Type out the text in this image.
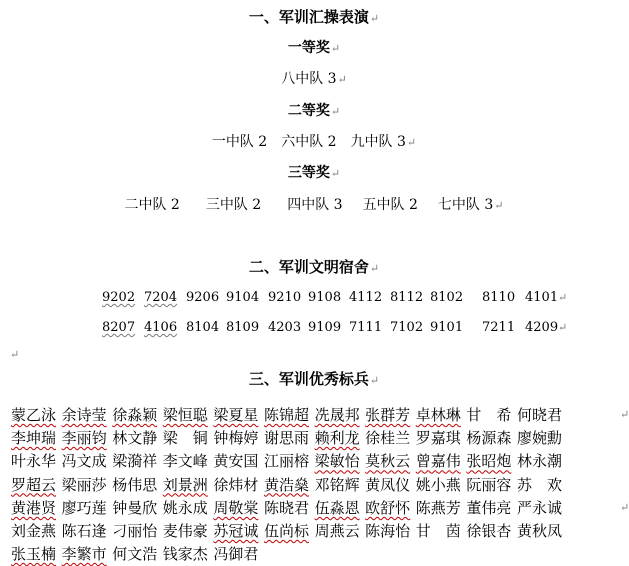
一、军训汇操表演↵
一等奖↵
八中队 3↵
二等奖↵
一中队 2 六中队 2 九中队 3↵
三等奖↵
二中队 2 三中队 2 四中队 3 五中队 2 七中队 3↵
二、军训文明宿舍↵
9202 7204 9206 9104 9210 9108 4112 8112 8102 8110 4101↵
8207 4106 8104 8109 4203 9109 7111 7102 9101 7211 4209↵
↵
三、军训优秀标兵↵
蒙乙泳 余诗莹 徐淼颖 梁恒聪 梁夏星 陈锦超 冼晟邦 张群芳 卓林琳 甘　希 何晓君	↵
李坤瑞 李丽钧 林文静 梁　铜 钟梅婷 谢思雨 赖利龙 徐桂兰 罗嘉琪 杨源森 廖婉勳
叶永华 冯文成 梁漪祥 李文峰 黄安国 江丽榕 梁敏怡 莫秋云 曾嘉伟 张昭炮 林永潮
罗超云 梁丽莎 杨伟思 刘景洲 徐炜材 黄浩燊 邓铭辉 黄凤仪 姚小燕 阮丽容 苏　欢
黄港贤 廖巧莲 钟曼欣 姚永成 周敬棠 陈晓君 伍淼恩 欧舒怀 陈燕芳 董伟亮 严永诚	↵
刘金燕 陈石逢 刁丽怡 麦伟豪 苏冠诚 伍尚标 周燕云 陈海怡 甘　茵 徐银杏 黄秋凤
张玉楠 李繁市 何文浩 钱家杰 冯御君
